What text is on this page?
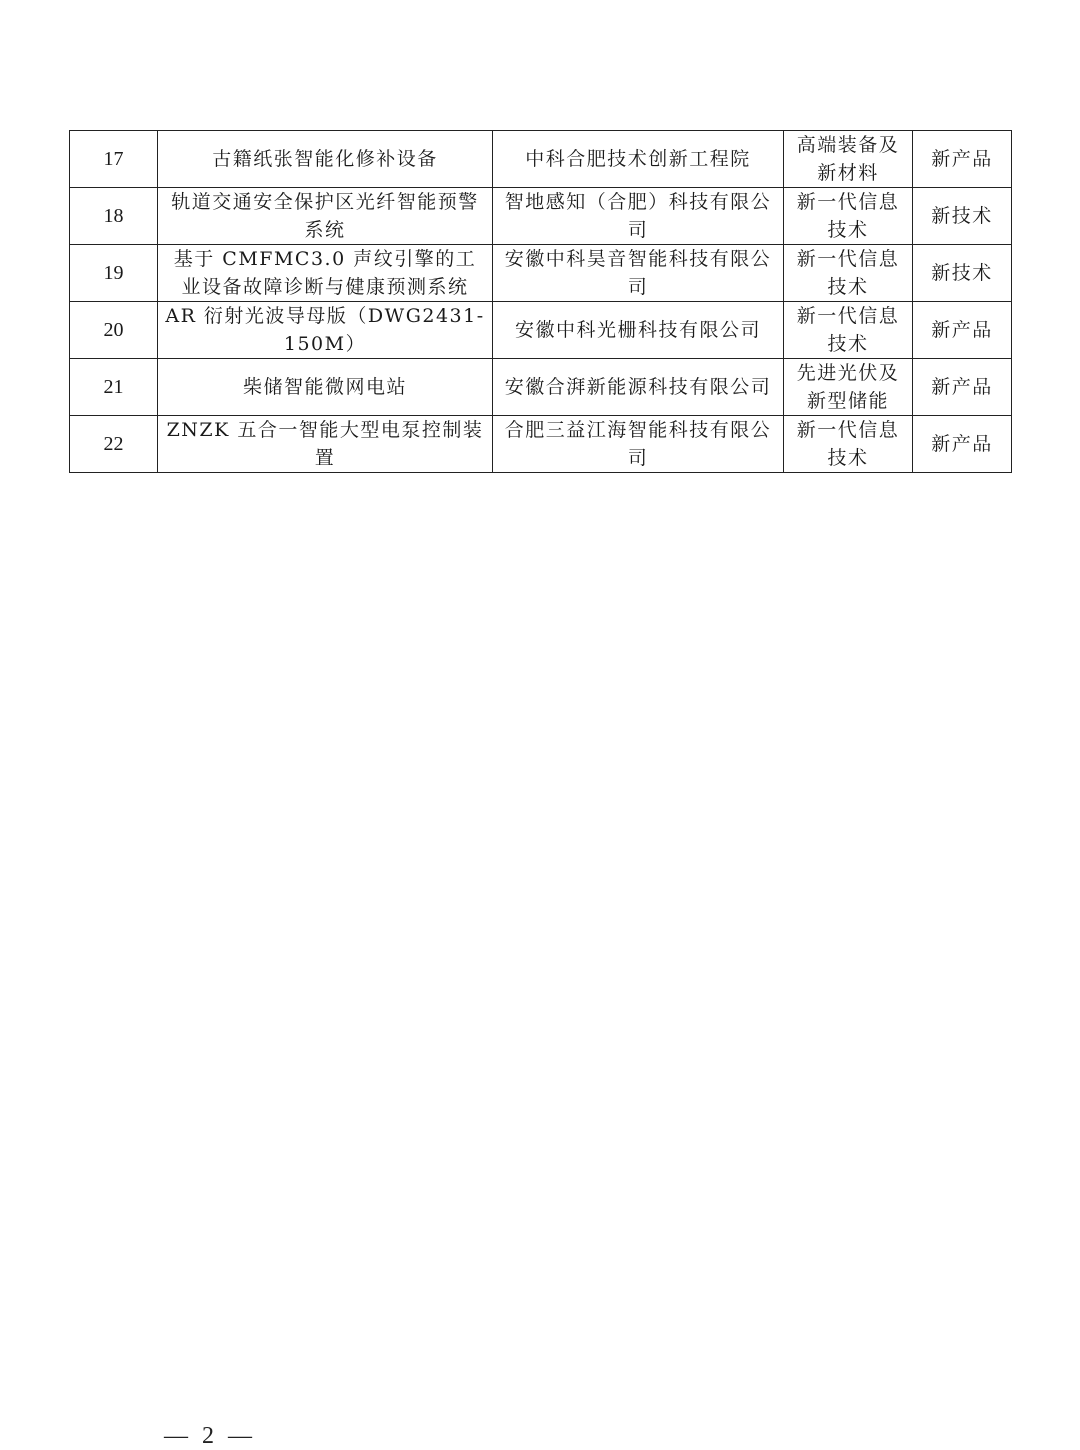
17	古籍纸张智能化修补设备	中科合肥技术创新工程院	高端装备及新材料	新产品
18	轨道交通安全保护区光纤智能预警系统	智地感知（合肥）科技有限公司	新一代信息技术	新技术
19	基于 CMFMC3.0 声纹引擎的工业设备故障诊断与健康预测系统	安徽中科昊音智能科技有限公司	新一代信息技术	新技术
20	AR 衍射光波导母版（DWG2431-150M）	安徽中科光栅科技有限公司	新一代信息技术	新产品
21	柴储智能微网电站	安徽合湃新能源科技有限公司	先进光伏及新型储能	新产品
22	ZNZK 五合一智能大型电泵控制装置	合肥三益江海智能科技有限公司	新一代信息技术	新产品
— 2 —
